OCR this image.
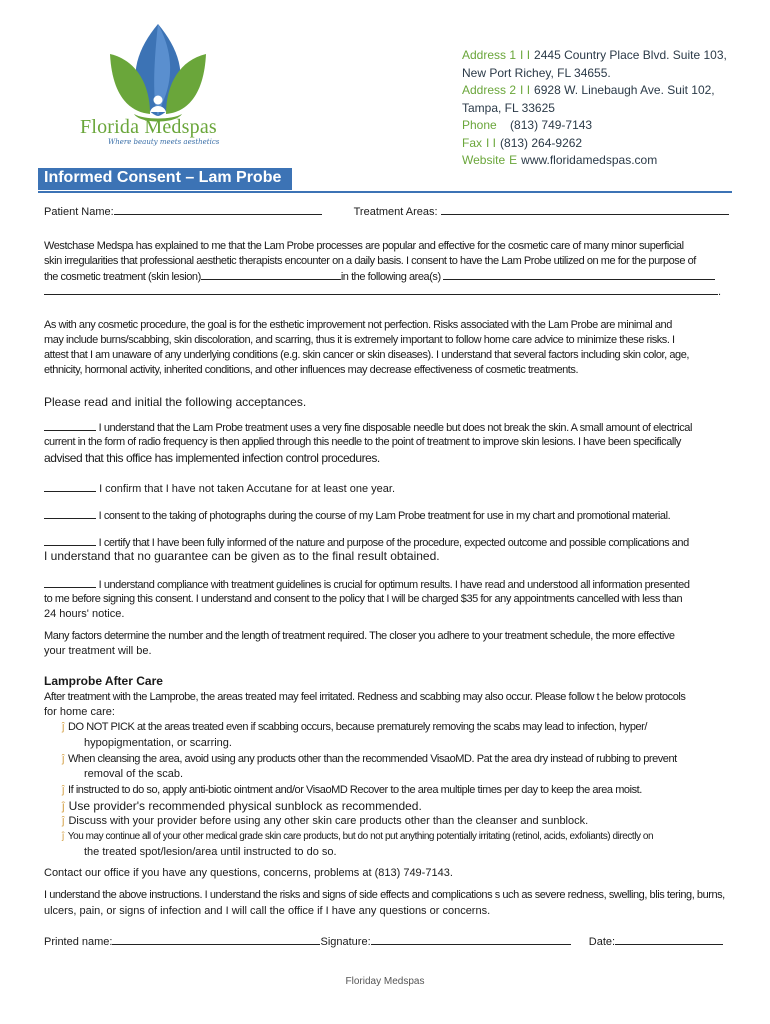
Florida Medspas
Where beauty meets aesthetics
Address 1 I I 2445 Country Place Blvd. Suite 103,
New Port Richey, FL 34655.
Address 2 I I 6928 W. Linebaugh Ave. Suit 102,
Tampa, FL 33625
Phone (813) 749-7143
Fax I I (813) 264-9262
Website E www.floridamedspas.com
Informed Consent – Lam Probe
Patient Name:	Treatment Areas:
Westchase Medspa has explained to me that the Lam Probe processes are popular and effective for the cosmetic care of many minor superficial
skin irregularities that professional aesthetic therapists encounter on a daily basis. I consent to have the Lam Probe utilized on me for the purpose of
the cosmetic treatment (skin lesion)	in the following area(s)
.
As with any cosmetic procedure, the goal is for the esthetic improvement not perfection. Risks associated with the Lam Probe are minimal and
may include burns/scabbing, skin discoloration, and scarring, thus it is extremely important to follow home care advice to minimize these risks. I
attest that I am unaware of any underlying conditions (e.g. skin cancer or skin diseases). I understand that several factors including skin color, age,
ethnicity, hormonal activity, inherited conditions, and other influences may decrease effectiveness of cosmetic treatments.
Please read and initial the following acceptances.
I understand that the Lam Probe treatment uses a very fine disposable needle but does not break the skin. A small amount of electrical
current in the form of radio frequency is then applied through this needle to the point of treatment to improve skin lesions. I have been specifically
advised that this office has implemented infection control procedures.
I confirm that I have not taken Accutane for at least one year.
I consent to the taking of photographs during the course of my Lam Probe treatment for use in my chart and promotional material.
I certify that I have been fully informed of the nature and purpose of the procedure, expected outcome and possible complications and
I understand that no guarantee can be given as to the final result obtained.
I understand compliance with treatment guidelines is crucial for optimum results. I have read and understood all information presented
to me before signing this consent. I understand and consent to the policy that I will be charged $35 for any appointments cancelled with less than
24 hours' notice.
Many factors determine the number and the length of treatment required. The closer you adhere to your treatment schedule, the more effective
your treatment will be.
Lamprobe After Care
After treatment with the Lamprobe, the areas treated may feel irritated. Redness and scabbing may also occur. Please follow t he below protocols
for home care:
ĵ DO NOT PICK at the areas treated even if scabbing occurs, because prematurely removing the scabs may lead to infection, hyper/
hypopigmentation, or scarring.
ĵ When cleansing the area, avoid using any products other than the recommended VisaoMD. Pat the area dry instead of rubbing to prevent
removal of the scab.
ĵ If instructed to do so, apply anti-biotic ointment and/or VisaoMD Recover to the area multiple times per day to keep the area moist.
ĵ Use provider's recommended physical sunblock as recommended.
ĵ Discuss with your provider before using any other skin care products other than the cleanser and sunblock.
ĵ You may continue all of your other medical grade skin care products, but do not put anything potentially irritating (retinol, acids, exfoliants) directly on
the treated spot/lesion/area until instructed to do so.
Contact our office if you have any questions, concerns, problems at (813) 749-7143.
I understand the above instructions. I understand the risks and signs of side effects and complications s uch as severe redness, swelling, blis tering, burns,
ulcers, pain, or signs of infection and I will call the office if I have any questions or concerns.
Printed name:	Signature:	Date:
Floriday Medspas
